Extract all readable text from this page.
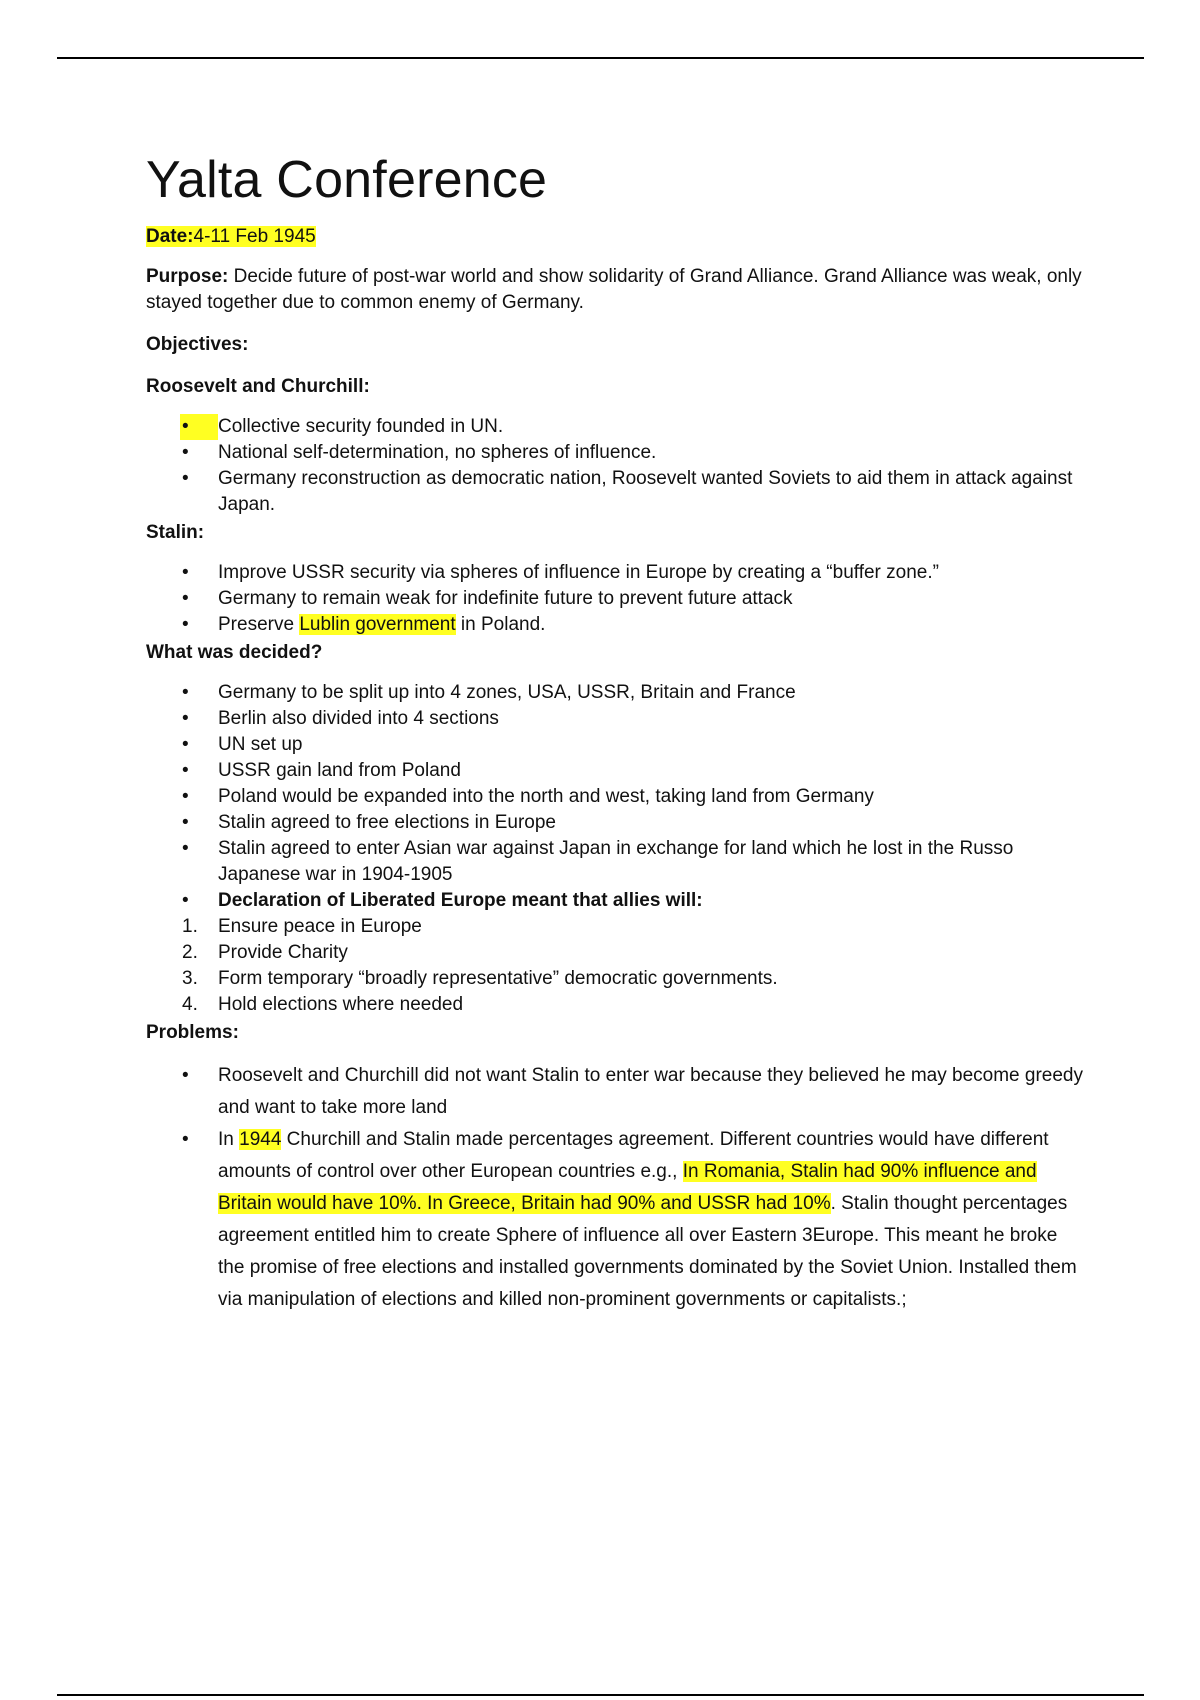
Yalta Conference

Date:4-11 Feb 1945

Purpose: Decide future of post-war world and show solidarity of Grand Alliance. Grand Alliance was weak, only stayed together due to common enemy of Germany.

Objectives:

Roosevelt and Churchill:

•	Collective security founded in UN.
•	National self-determination, no spheres of influence.
•	Germany reconstruction as democratic nation, Roosevelt wanted Soviets to aid them in attack against Japan.

Stalin:

•	Improve USSR security via spheres of influence in Europe by creating a “buffer zone.”
•	Germany to remain weak for indefinite future to prevent future attack
•	Preserve Lublin government in Poland.

What was decided?

•	Germany to be split up into 4 zones, USA, USSR, Britain and France
•	Berlin also divided into 4 sections
•	UN set up
•	USSR gain land from Poland
•	Poland would be expanded into the north and west, taking land from Germany
•	Stalin agreed to free elections in Europe
•	Stalin agreed to enter Asian war against Japan in exchange for land which he lost in the Russo Japanese war in 1904-1905
•	Declaration of Liberated Europe meant that allies will:
1. Ensure peace in Europe
2. Provide Charity
3. Form temporary “broadly representative” democratic governments.
4. Hold elections where needed

Problems:

•	Roosevelt and Churchill did not want Stalin to enter war because they believed he may become greedy and want to take more land
•	In 1944 Churchill and Stalin made percentages agreement. Different countries would have different amounts of control over other European countries e.g., In Romania, Stalin had 90% influence and Britain would have 10%. In Greece, Britain had 90% and USSR had 10%. Stalin thought percentages agreement entitled him to create Sphere of influence all over Eastern 3Europe. This meant he broke the promise of free elections and installed governments dominated by the Soviet Union. Installed them via manipulation of elections and killed non-prominent governments or capitalists.;
